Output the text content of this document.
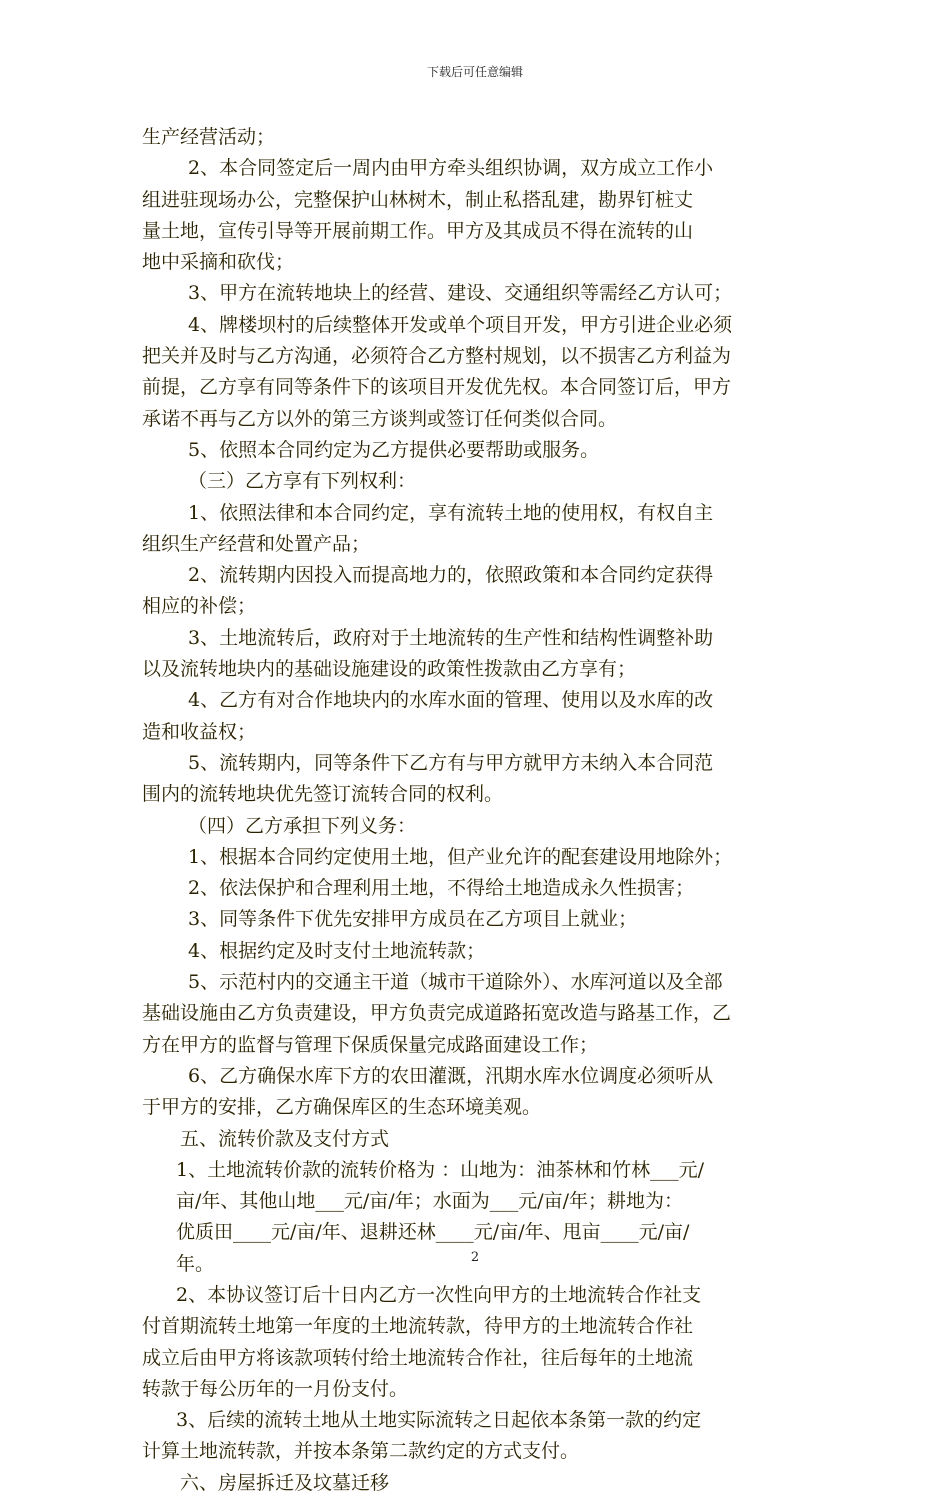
下载后可任意编辑
生产经营活动；
2、本合同签定后一周内由甲方牵头组织协调，双方成立工作小
组进驻现场办公，完整保护山林树木，制止私搭乱建，勘界钉桩丈
量土地，宣传引导等开展前期工作。甲方及其成员不得在流转的山
地中采摘和砍伐；
3、甲方在流转地块上的经营、建设、交通组织等需经乙方认可；
4、牌楼坝村的后续整体开发或单个项目开发，甲方引进企业必须
把关并及时与乙方沟通，必须符合乙方整村规划，以不损害乙方利益为
前提，乙方享有同等条件下的该项目开发优先权。本合同签订后，甲方
承诺不再与乙方以外的第三方谈判或签订任何类似合同。
5、依照本合同约定为乙方提供必要帮助或服务。
（三）乙方享有下列权利：
1、依照法律和本合同约定，享有流转土地的使用权，有权自主
组织生产经营和处置产品；
2、流转期内因投入而提高地力的，依照政策和本合同约定获得
相应的补偿；
3、土地流转后，政府对于土地流转的生产性和结构性调整补助
以及流转地块内的基础设施建设的政策性拨款由乙方享有；
4、乙方有对合作地块内的水库水面的管理、使用以及水库的改
造和收益权；
5、流转期内，同等条件下乙方有与甲方就甲方未纳入本合同范
围内的流转地块优先签订流转合同的权利。
（四）乙方承担下列义务：
1、根据本合同约定使用土地，但产业允许的配套建设用地除外；
2、依法保护和合理利用土地，不得给土地造成永久性损害；
3、同等条件下优先安排甲方成员在乙方项目上就业；
4、根据约定及时支付土地流转款；
5、示范村内的交通主干道（城市干道除外）、水库河道以及全部
基础设施由乙方负责建设，甲方负责完成道路拓宽改造与路基工作，乙
方在甲方的监督与管理下保质保量完成路面建设工作；
6、乙方确保水库下方的农田灌溉，汛期水库水位调度必须听从
于甲方的安排，乙方确保库区的生态环境美观。
五、流转价款及支付方式
1、土地流转价款的流转价格为 ：山地为：油茶林和竹林___元/
亩/年、其他山地___元/亩/年；水面为___元/亩/年；耕地为：
优质田____元/亩/年、退耕还林____元/亩/年、甩亩____元/亩/
年。
2、本协议签订后十日内乙方一次性向甲方的土地流转合作社支
付首期流转土地第一年度的土地流转款，待甲方的土地流转合作社
成立后由甲方将该款项转付给土地流转合作社，往后每年的土地流
转款于每公历年的一月份支付。
3、后续的流转土地从土地实际流转之日起依本条第一款的约定
计算土地流转款，并按本条第二款约定的方式支付。
六、房屋拆迁及坟墓迁移
2
